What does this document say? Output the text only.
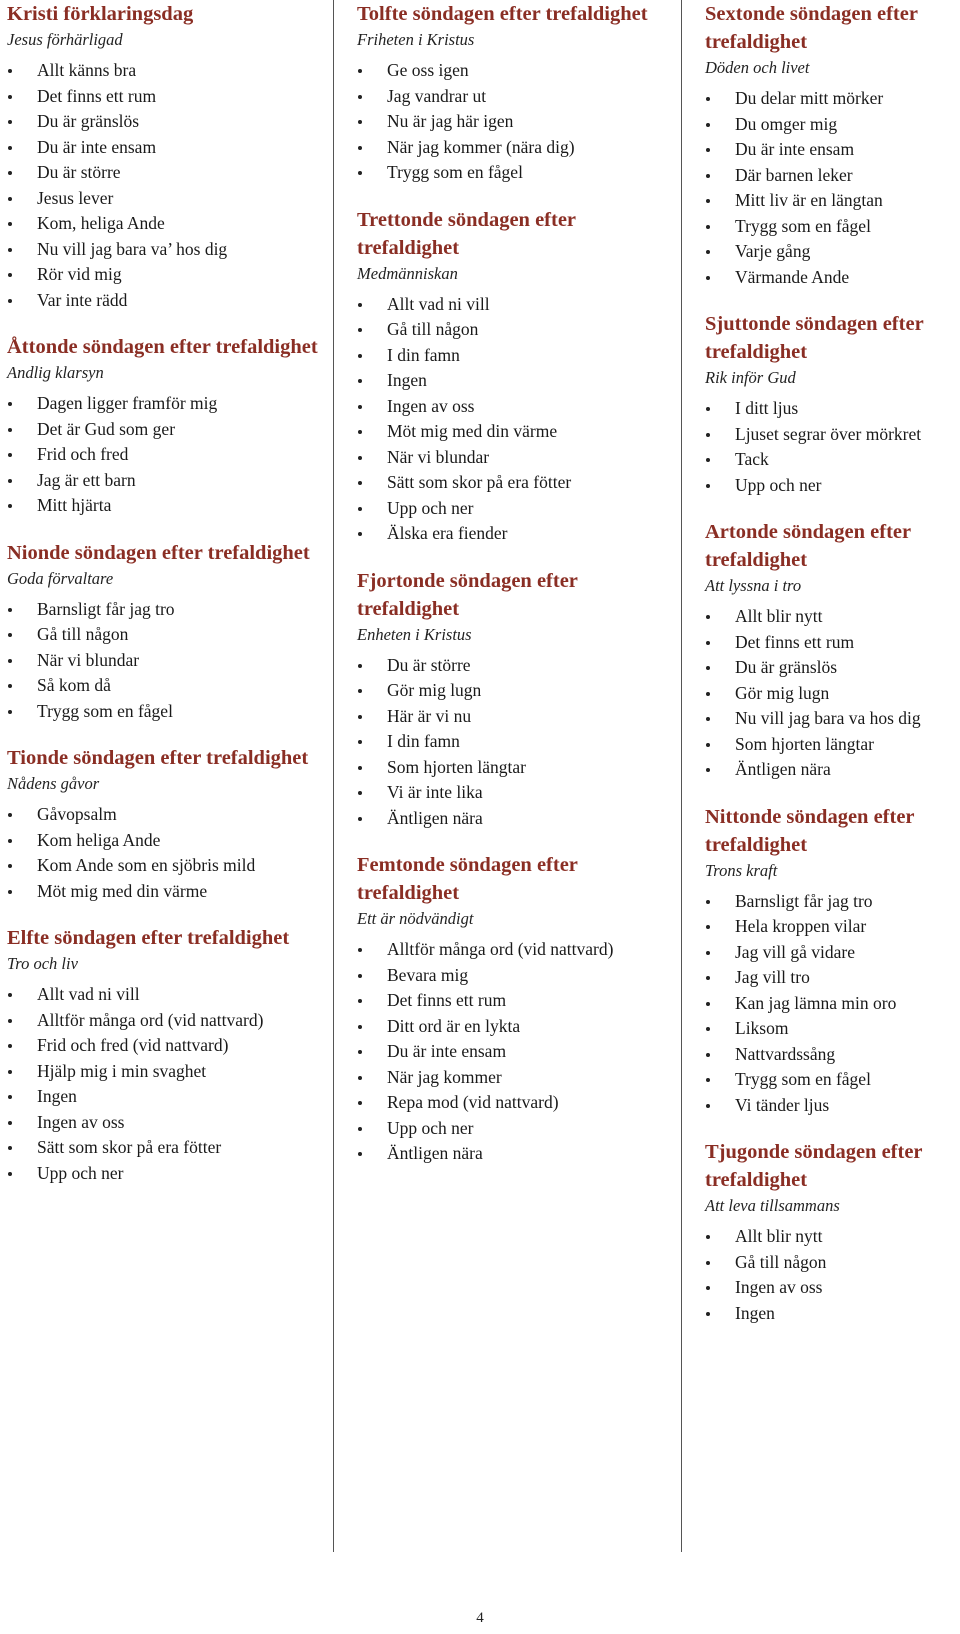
Kristi förklaringsdag
Jesus förhärligad
Allt känns bra
Det finns ett rum
Du är gränslös
Du är inte ensam
Du är större
Jesus lever
Kom, heliga Ande
Nu vill jag bara va’ hos dig
Rör vid mig
Var inte rädd
Åttonde söndagen efter trefaldighet
Andlig klarsyn
Dagen ligger framför mig
Det är Gud som ger
Frid och fred
Jag är ett barn
Mitt hjärta
Nionde söndagen efter trefaldighet
Goda förvaltare
Barnsligt får jag tro
Gå till någon
När vi blundar
Så kom då
Trygg som en fågel
Tionde söndagen efter trefaldighet
Nådens gåvor
Gåvopsalm
Kom heliga Ande
Kom Ande som en sjöbris mild
Möt mig med din värme
Elfte söndagen efter trefaldighet
Tro och liv
Allt vad ni vill
Alltför många ord (vid nattvard)
Frid och fred (vid nattvard)
Hjälp mig i min svaghet
Ingen
Ingen av oss
Sätt som skor på era fötter
Upp och ner
Tolfte söndagen efter trefaldighet
Friheten i Kristus
Ge oss igen
Jag vandrar ut
Nu är jag här igen
När jag kommer (nära dig)
Trygg som en fågel
Trettonde söndagen efter trefaldighet
Medmänniskan
Allt vad ni vill
Gå till någon
I din famn
Ingen
Ingen av oss
Möt mig med din värme
När vi blundar
Sätt som skor på era fötter
Upp och ner
Älska era fiender
Fjortonde söndagen efter trefaldighet
Enheten i Kristus
Du är större
Gör mig lugn
Här är vi nu
I din famn
Som hjorten längtar
Vi är inte lika
Äntligen nära
Femtonde söndagen efter trefaldighet
Ett är nödvändigt
Alltför många ord (vid nattvard)
Bevara mig
Det finns ett rum
Ditt ord är en lykta
Du är inte ensam
När jag kommer
Repa mod (vid nattvard)
Upp och ner
Äntligen nära
Sextonde söndagen efter trefaldighet
Döden och livet
Du delar mitt mörker
Du omger mig
Du är inte ensam
Där barnen leker
Mitt liv är en längtan
Trygg som en fågel
Varje gång
Värmande Ande
Sjuttonde söndagen efter trefaldighet
Rik inför Gud
I ditt ljus
Ljuset segrar över mörkret
Tack
Upp och ner
Artonde söndagen efter trefaldighet
Att lyssna i tro
Allt blir nytt
Det finns ett rum
Du är gränslös
Gör mig lugn
Nu vill jag bara va hos dig
Som hjorten längtar
Äntligen nära
Nittonde söndagen efter trefaldighet
Trons kraft
Barnsligt får jag tro
Hela kroppen vilar
Jag vill gå vidare
Jag vill tro
Kan jag lämna min oro
Liksom
Nattvardssång
Trygg som en fågel
Vi tänder ljus
Tjugonde söndagen efter trefaldighet
Att leva tillsammans
Allt blir nytt
Gå till någon
Ingen av oss
Ingen
4
